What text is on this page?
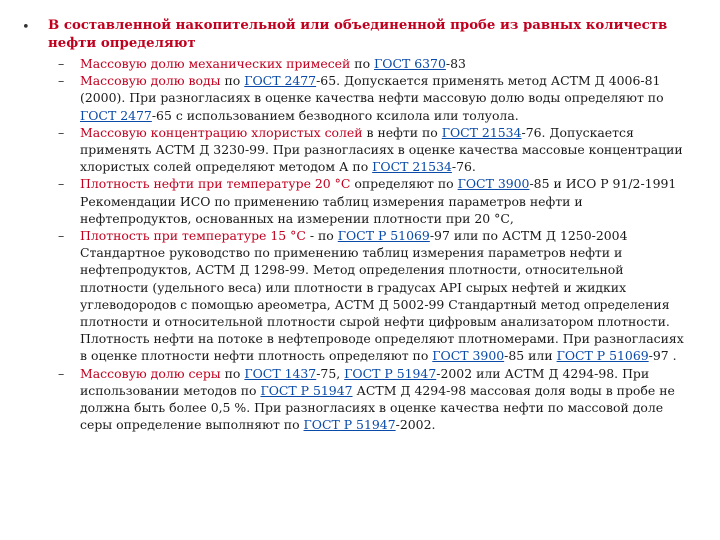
• В составленной накопительной или объединенной пробе из равных количеств нефти определяют
– Массовую долю механических примесей по ГОСТ 6370-83
– Массовую долю воды по ГОСТ 2477-65. Допускается применять метод АСТМ Д 4006-81 (2000). При разногласиях в оценке качества нефти массовую долю воды определяют по ГОСТ 2477-65 с использованием безводного ксилола или толуола.
– Массовую концентрацию хлористых солей в нефти по ГОСТ 21534-76. Допускается применять АСТМ Д 3230-99. При разногласиях в оценке качества массовые концентрации хлористых солей определяют методом А по ГОСТ 21534-76.
– Плотность нефти при температуре 20 °С определяют по ГОСТ 3900-85 и ИСО Р 91/2-1991 Рекомендации ИСО по применению таблиц измерения параметров нефти и нефтепродуктов, основанных на измерении плотности при 20 °С,
– Плотность при температуре 15 °С - по ГОСТ Р 51069-97 или по АСТМ Д 1250-2004 Стандартное руководство по применению таблиц измерения параметров нефти и нефтепродуктов, АСТМ Д 1298-99. Метод определения плотности, относительной плотности (удельного веса) или плотности в градусах API сырых нефтей и жидких углеводородов с помощью ареометра, АСТМ Д 5002-99 Стандартный метод определения плотности и относительной плотности сырой нефти цифровым анализатором плотности. Плотность нефти на потоке в нефтепроводе определяют плотномерами. При разногласиях в оценке плотности нефти плотность определяют по ГОСТ 3900-85 или ГОСТ Р 51069-97 .
– Массовую долю серы по ГОСТ 1437-75, ГОСТ Р 51947-2002 или АСТМ Д 4294-98. При использовании методов по ГОСТ Р 51947 АСТМ Д 4294-98 массовая доля воды в пробе не должна быть более 0,5 %. При разногласиях в оценке качества нефти по массовой доле серы определение выполняют по ГОСТ Р 51947-2002.
